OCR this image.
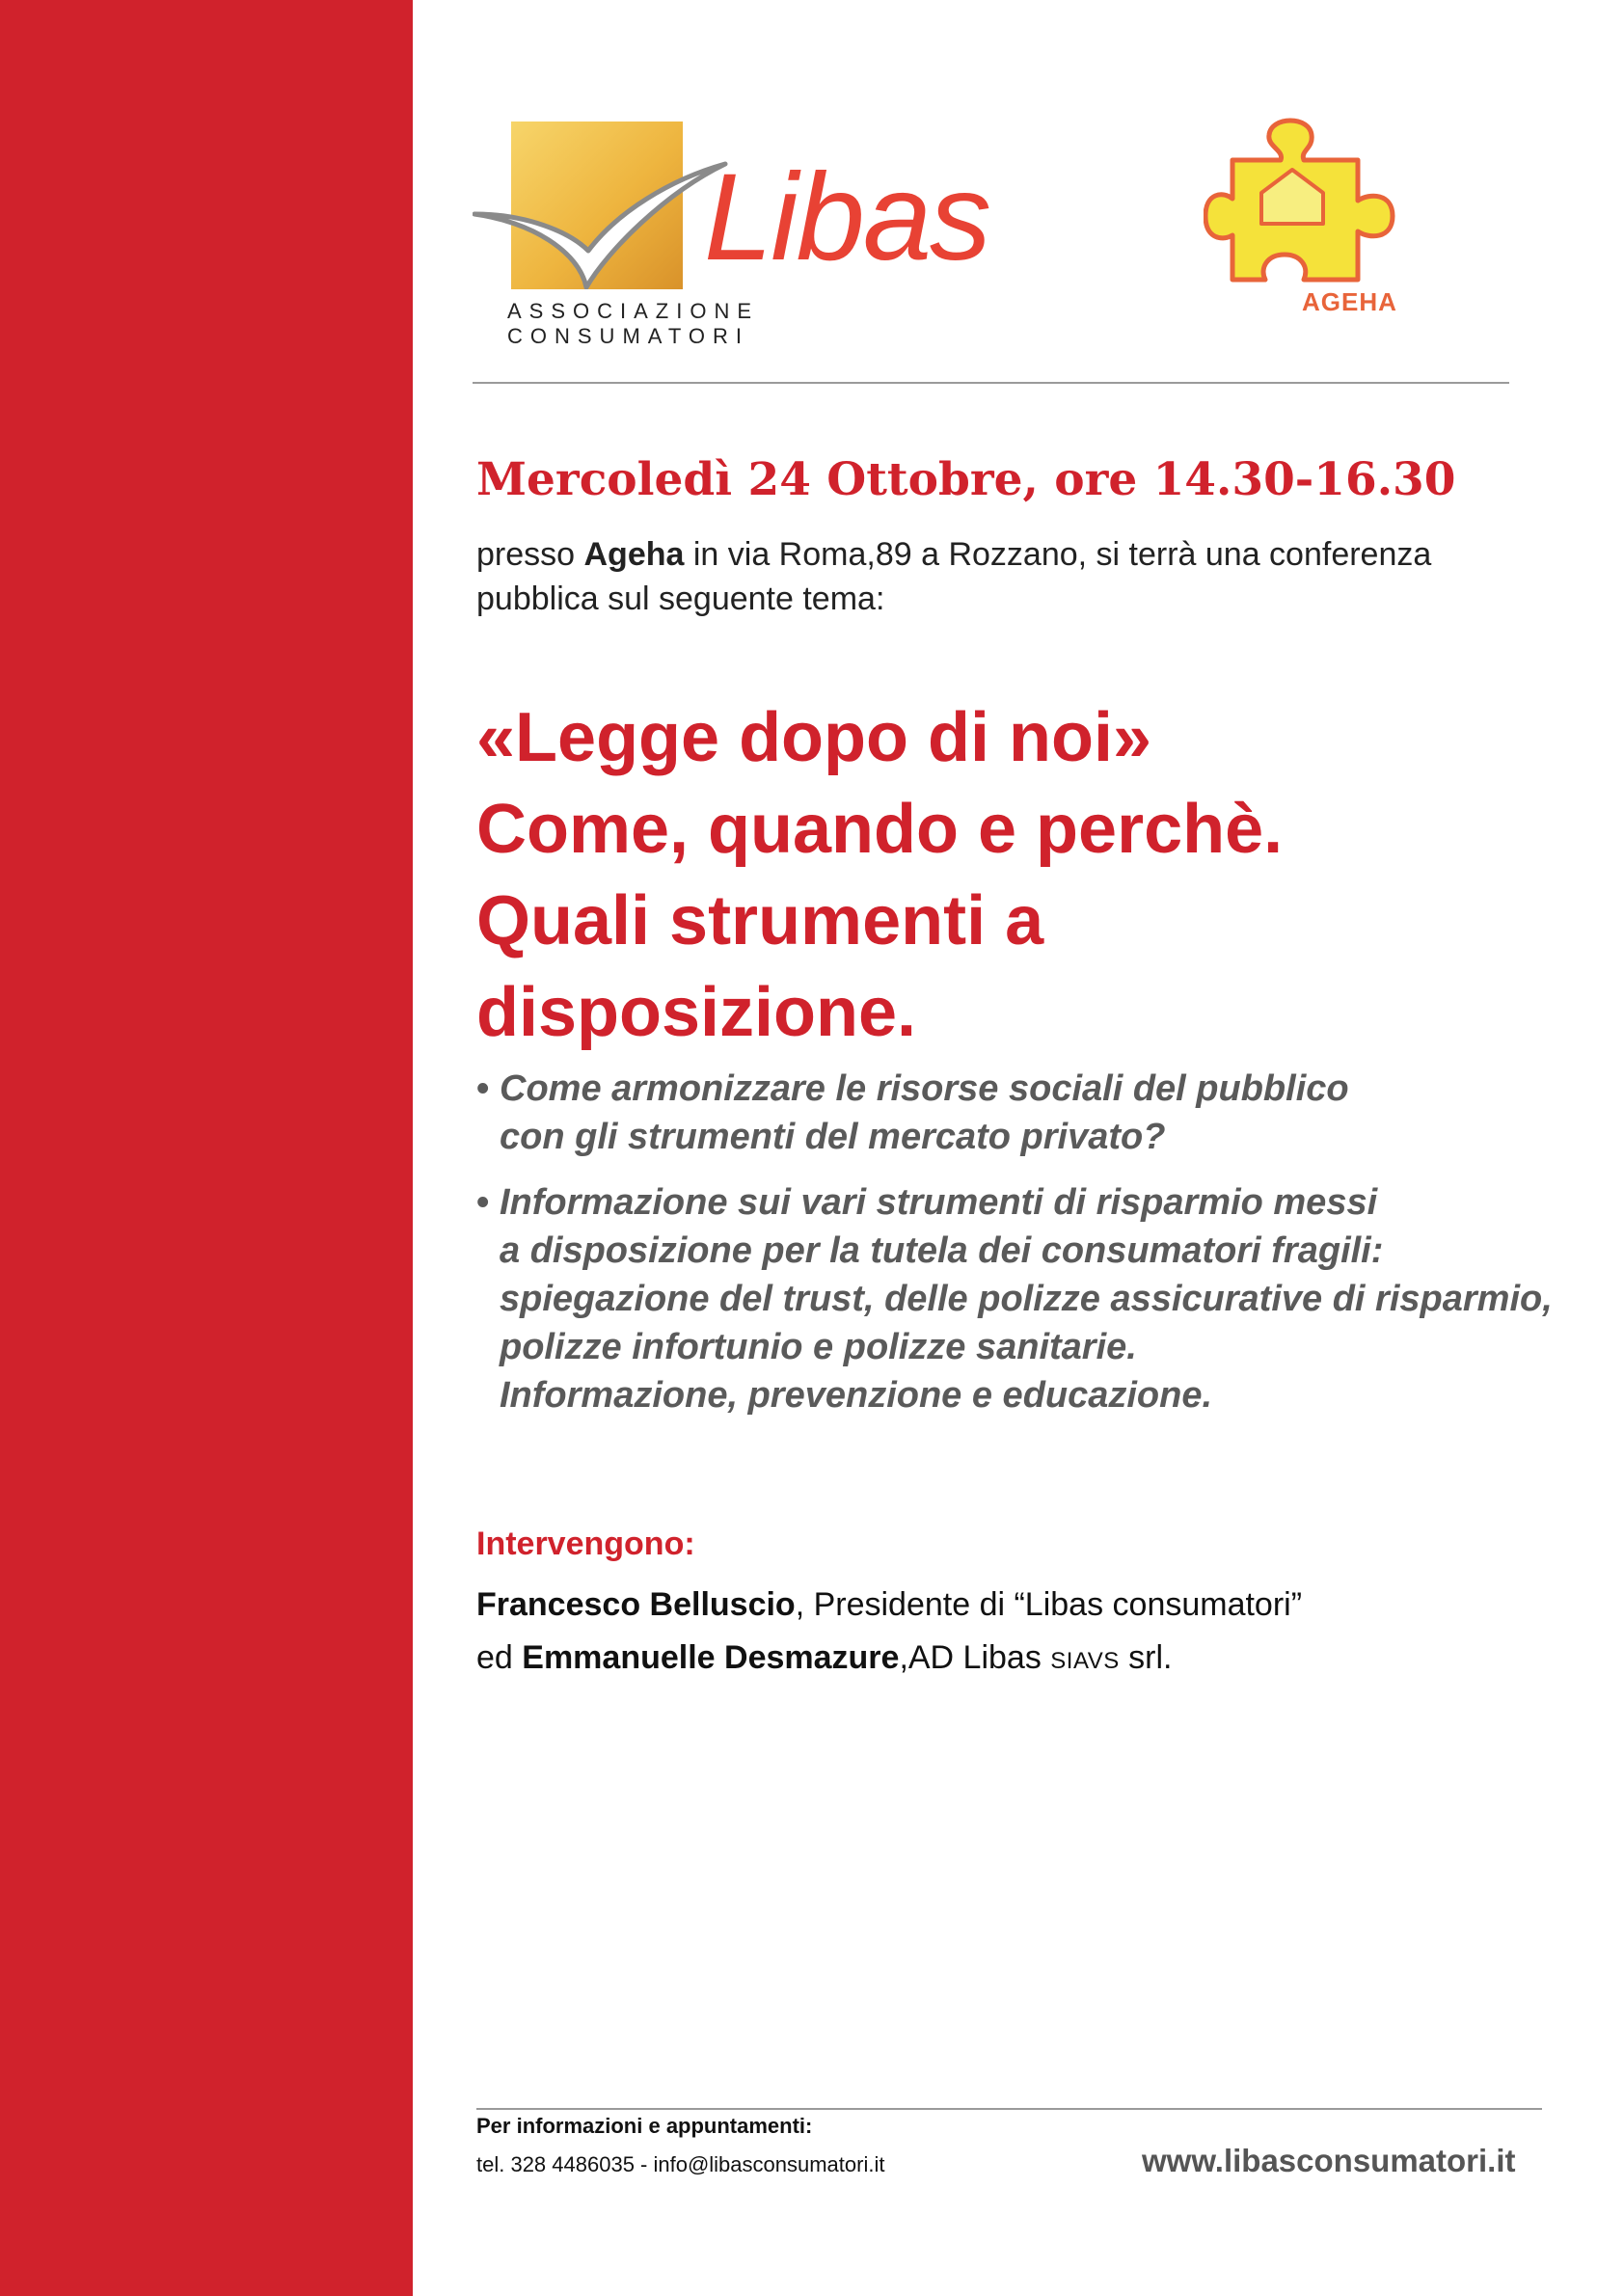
Libas
ASSOCIAZIONE CONSUMATORI
AGEHA

Mercoledì 24 Ottobre, ore 14.30-16.30

presso Ageha in via Roma,89 a Rozzano, si terrà una conferenza pubblica sul seguente tema:

«Legge dopo di noi»
Come, quando e perchè.
Quali strumenti a
disposizione.
• Come armonizzare le risorse sociali del pubblico
con gli strumenti del mercato privato?
• Informazione sui vari strumenti di risparmio messi
a disposizione per la tutela dei consumatori fragili:
spiegazione del trust, delle polizze assicurative di risparmio,
polizze infortunio e polizze sanitarie.
Informazione, prevenzione e educazione.
Intervengono:

Francesco Belluscio, Presidente di “Libas consumatori”

ed Emmanuelle Desmazure,AD Libas SIAVS srl.

Per informazioni e appuntamenti:

tel. 328 4486035 - info@libasconsumatori.it	www.libasconsumatori.it
